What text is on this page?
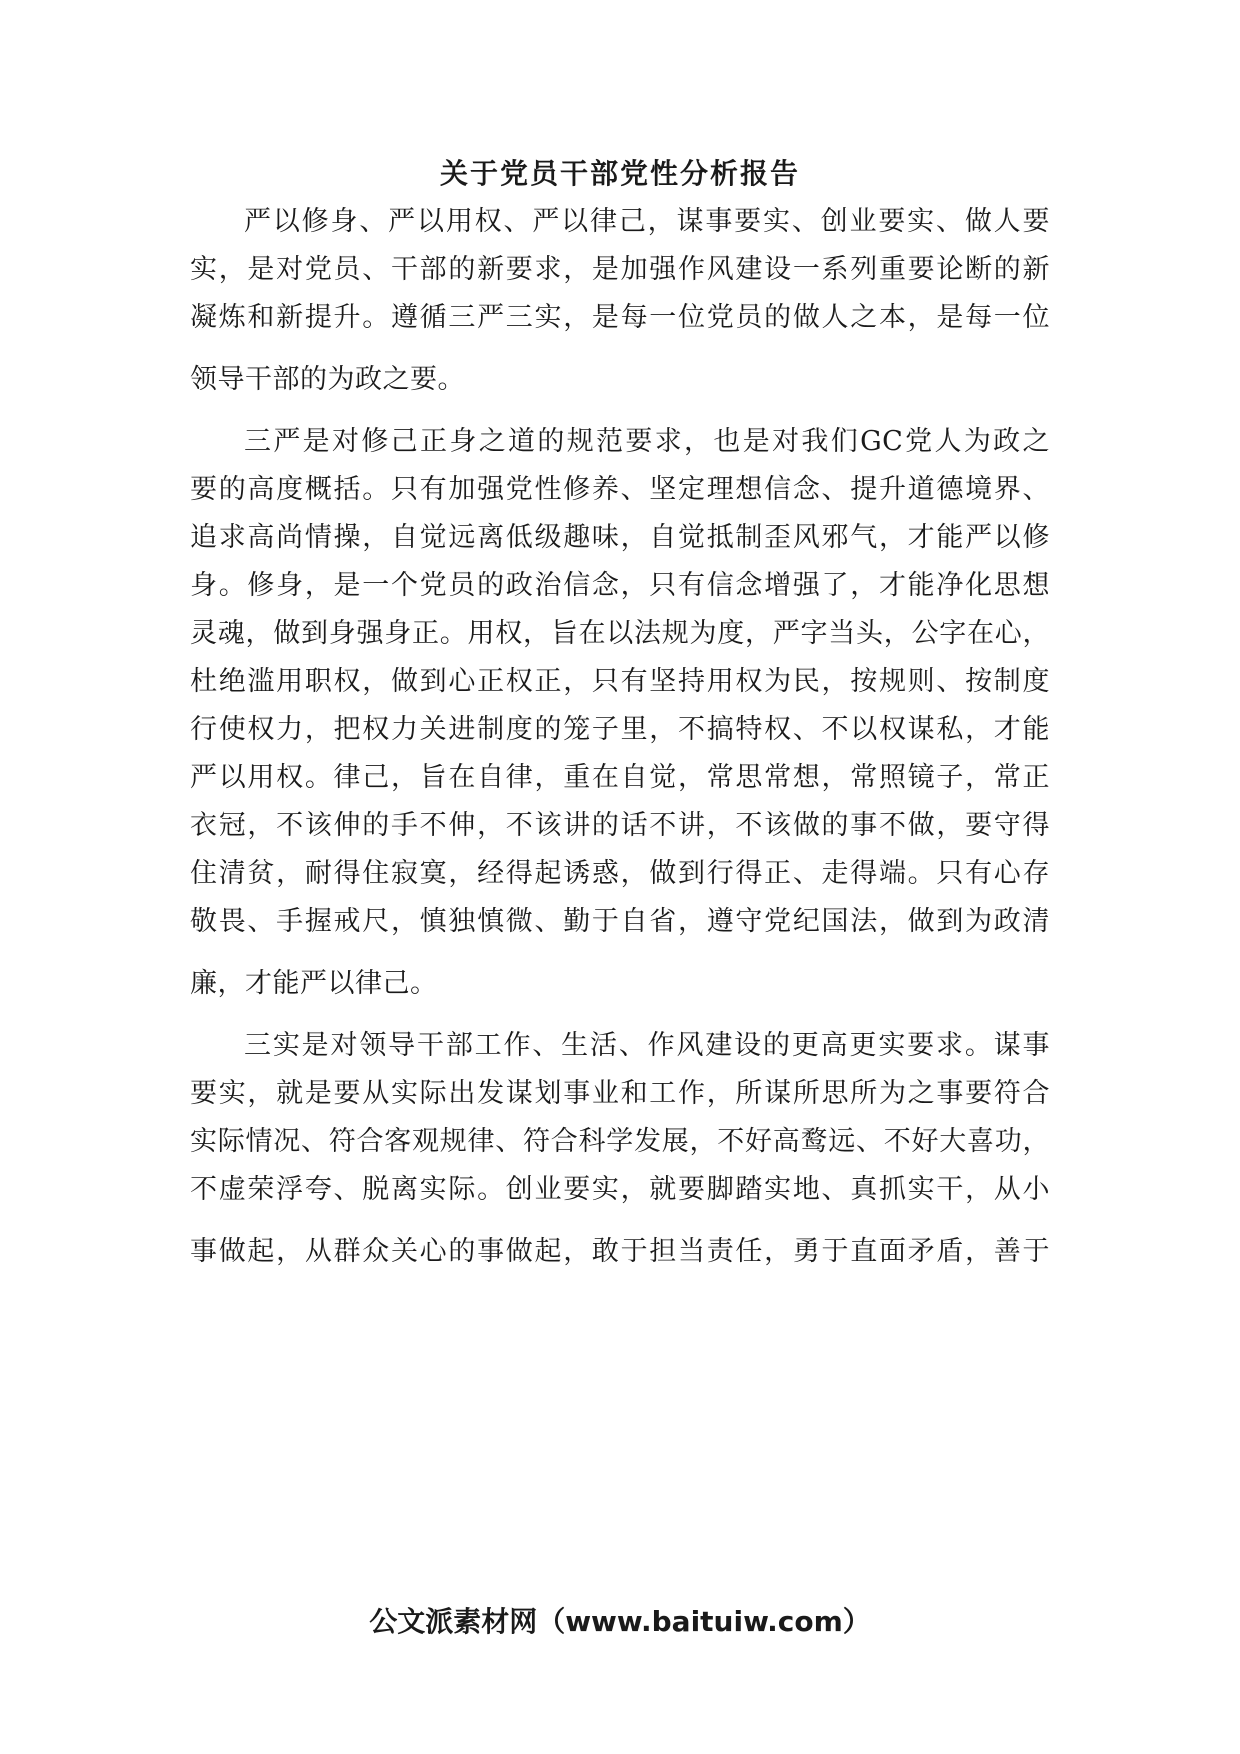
关于党员干部党性分析报告
严以修身、严以用权、严以律己，谋事要实、创业要实、做人要
实，是对党员、干部的新要求，是加强作风建设一系列重要论断的新
凝炼和新提升。遵循三严三实，是每一位党员的做人之本，是每一位
领导干部的为政之要。
三严是对修己正身之道的规范要求，也是对我们GC党人为政之
要的高度概括。只有加强党性修养、坚定理想信念、提升道德境界、
追求高尚情操，自觉远离低级趣味，自觉抵制歪风邪气，才能严以修
身。修身，是一个党员的政治信念，只有信念增强了，才能净化思想
灵魂，做到身强身正。用权，旨在以法规为度，严字当头，公字在心，
杜绝滥用职权，做到心正权正，只有坚持用权为民，按规则、按制度
行使权力，把权力关进制度的笼子里，不搞特权、不以权谋私，才能
严以用权。律己，旨在自律，重在自觉，常思常想，常照镜子，常正
衣冠，不该伸的手不伸，不该讲的话不讲，不该做的事不做，要守得
住清贫，耐得住寂寞，经得起诱惑，做到行得正、走得端。只有心存
敬畏、手握戒尺，慎独慎微、勤于自省，遵守党纪国法，做到为政清
廉，才能严以律己。
三实是对领导干部工作、生活、作风建设的更高更实要求。谋事
要实，就是要从实际出发谋划事业和工作，所谋所思所为之事要符合
实际情况、符合客观规律、符合科学发展，不好高鹜远、不好大喜功，
不虚荣浮夸、脱离实际。创业要实，就要脚踏实地、真抓实干，从小
事做起，从群众关心的事做起，敢于担当责任，勇于直面矛盾，善于
公文派素材网（www.baituiw.com）
